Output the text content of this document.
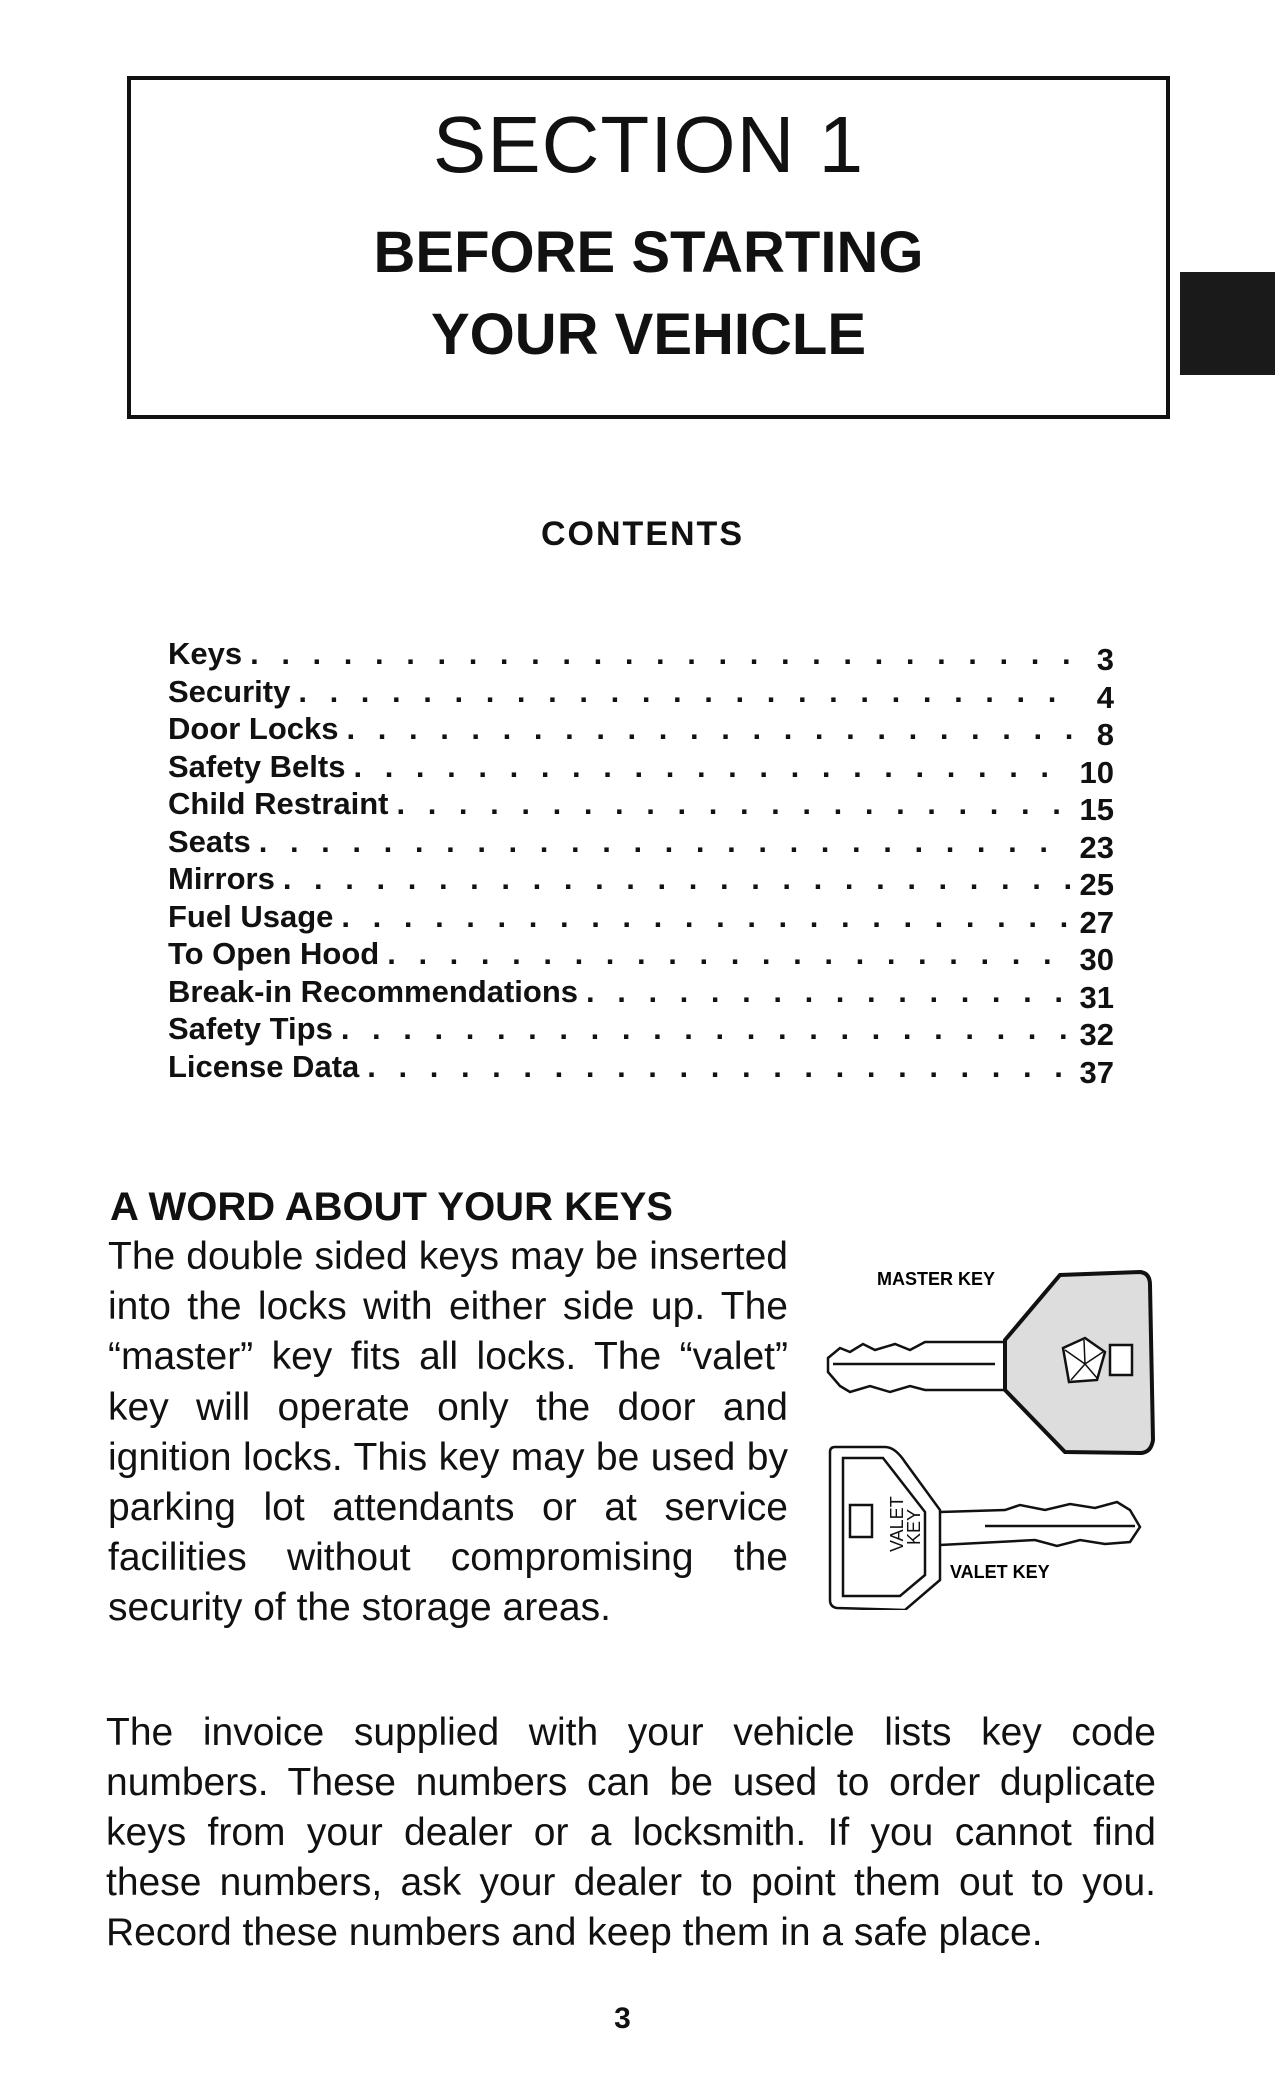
SECTION 1
BEFORE STARTING
YOUR VEHICLE
CONTENTS
Keys . . .	3
Security . . .	4
Door Locks . . .	8
Safety Belts . . .	10
Child Restraint . . .	15
Seats . . .	23
Mirrors . . .	25
Fuel Usage . . .	27
To Open Hood . . .	30
Break-in Recommendations . . .	31
Safety Tips . . .	32
License Data . . .	37
A WORD ABOUT YOUR KEYS

The double sided keys may be inserted into the locks with either side up. The “master” key fits all locks. The “valet” key will operate only the door and ignition locks. This key may be used by parking lot attendants or at service facilities without compromising the security of the storage areas.

MASTER KEY
VALET
KEY
VALET KEY

The invoice supplied with your vehicle lists key code numbers. These numbers can be used to order duplicate keys from your dealer or a locksmith. If you cannot find these numbers, ask your dealer to point them out to you. Record these numbers and keep them in a safe place.

3
